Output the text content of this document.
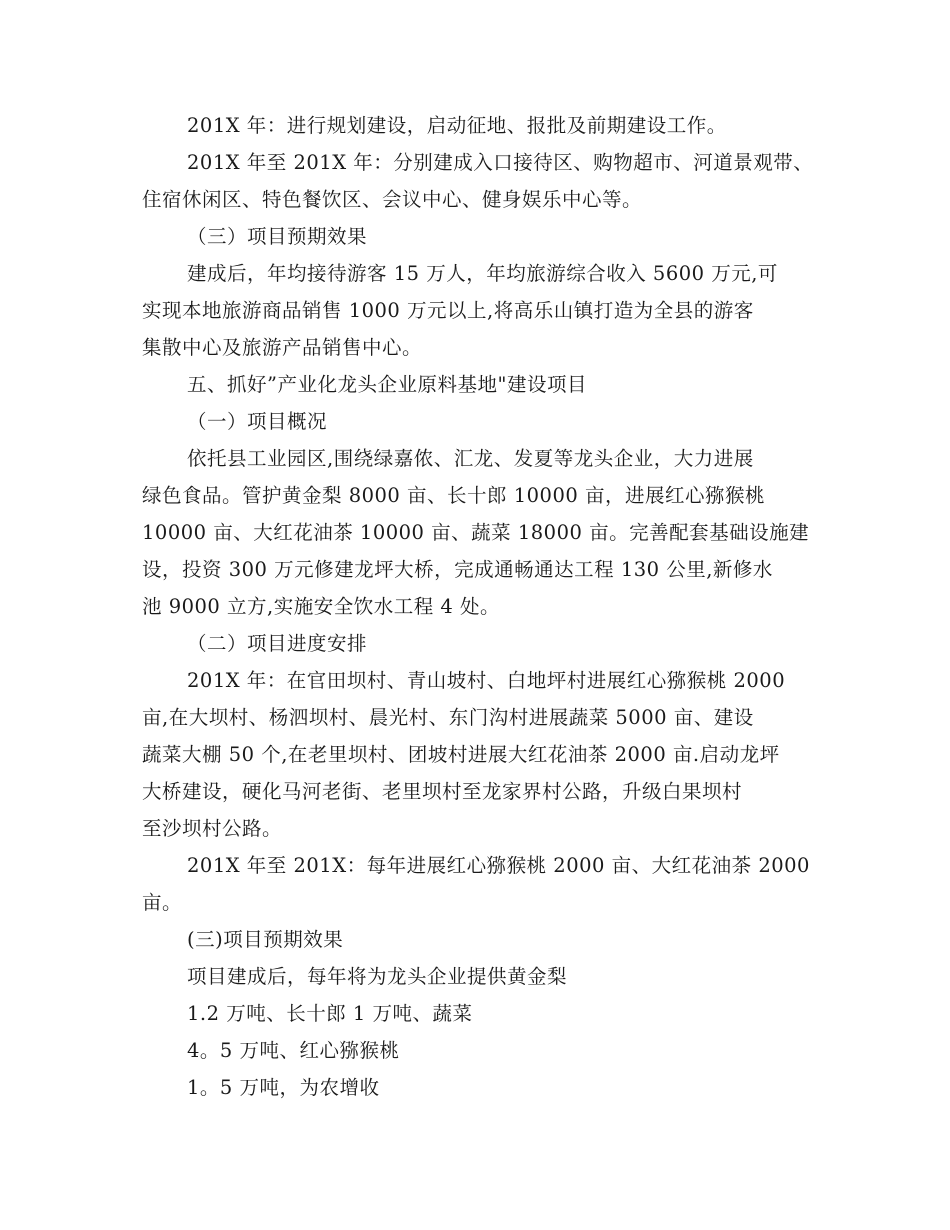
201X 年：进行规划建设，启动征地、报批及前期建设工作。
201X 年至 201X 年：分别建成入口接待区、购物超市、河道景观带、
住宿休闲区、特色餐饮区、会议中心、健身娱乐中心等。
（三）项目预期效果
建成后，年均接待游客 15 万人，年均旅游综合收入 5600 万元,可
实现本地旅游商品销售 1000 万元以上,将高乐山镇打造为全县的游客
集散中心及旅游产品销售中心。
五、抓好”产业化龙头企业原料基地"建设项目
（一）项目概况
依托县工业园区,围绕绿嘉侬、汇龙、发夏等龙头企业，大力进展
绿色食品。管护黄金梨 8000 亩、长十郎 10000 亩，进展红心猕猴桃
10000 亩、大红花油茶 10000 亩、蔬菜 18000 亩。完善配套基础设施建
设，投资 300 万元修建龙坪大桥，完成通畅通达工程 130 公里,新修水
池 9000 立方,实施安全饮水工程 4 处。
（二）项目进度安排
201X 年：在官田坝村、青山坡村、白地坪村进展红心猕猴桃 2000
亩,在大坝村、杨泗坝村、晨光村、东门沟村进展蔬菜 5000 亩、建设
蔬菜大棚 50 个,在老里坝村、团坡村进展大红花油茶 2000 亩.启动龙坪
大桥建设，硬化马河老街、老里坝村至龙家界村公路，升级白果坝村
至沙坝村公路。
201X 年至 201X：每年进展红心猕猴桃 2000 亩、大红花油茶 2000
亩。
(三)项目预期效果
项目建成后，每年将为龙头企业提供黄金梨
1.2 万吨、长十郎 1 万吨、蔬菜
4。5 万吨、红心猕猴桃
1。5 万吨，为农增收
